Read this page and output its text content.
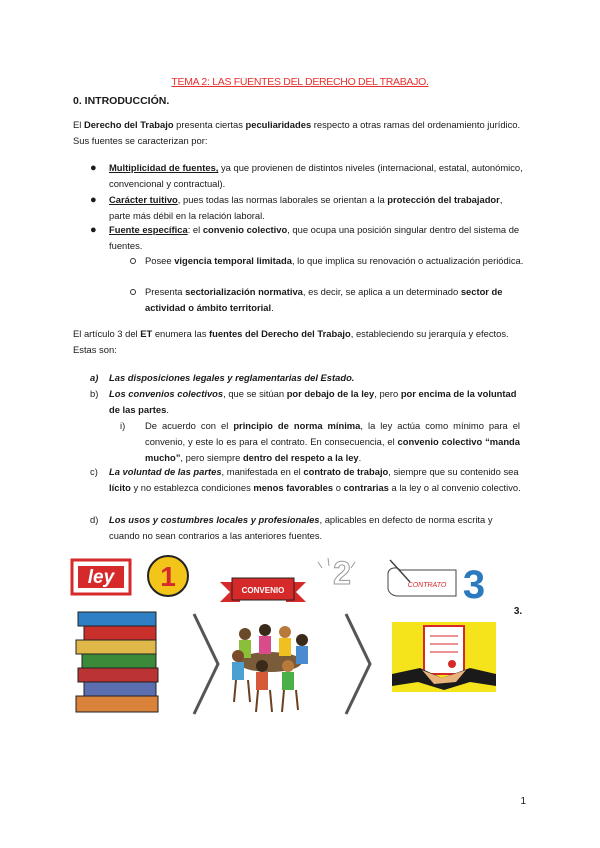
TEMA 2: LAS FUENTES DEL DERECHO DEL TRABAJO.
0. INTRODUCCIÓN.
El Derecho del Trabajo presenta ciertas peculiaridades respecto a otras ramas del ordenamiento jurídico. Sus fuentes se caracterizan por:
● Multiplicidad de fuentes, ya que provienen de distintos niveles (internacional, estatal, autonómico, convencional y contractual).
● Carácter tuitivo, pues todas las normas laborales se orientan a la protección del trabajador, parte más débil en la relación laboral.
● Fuente específica: el convenio colectivo, que ocupa una posición singular dentro del sistema de fuentes.
Posee vigencia temporal limitada, lo que implica su renovación o actualización periódica.
Presenta sectorialización normativa, es decir, se aplica a un determinado sector de actividad o ámbito territorial.
El artículo 3 del ET enumera las fuentes del Derecho del Trabajo, estableciendo su jerarquía y efectos. Estas son:
a) Las disposiciones legales y reglamentarias del Estado.
b) Los convenios colectivos, que se sitúan por debajo de la ley, pero por encima de la voluntad de las partes.
i) De acuerdo con el principio de norma mínima, la ley actúa como mínimo para el convenio, y este lo es para el contrato. En consecuencia, el convenio colectivo “manda mucho”, pero siempre dentro del respeto a la ley.
c) La voluntad de las partes, manifestada en el contrato de trabajo, siempre que su contenido sea lícito y no establezca condiciones menos favorables o contrarias a la ley o al convenio colectivo.
d) Los usos y costumbres locales y profesionales, aplicables en defecto de norma escrita y cuando no sean contrarios a las anteriores fuentes.
ley 1	CONVENIO 2	CONTRATO 3
3.
1
